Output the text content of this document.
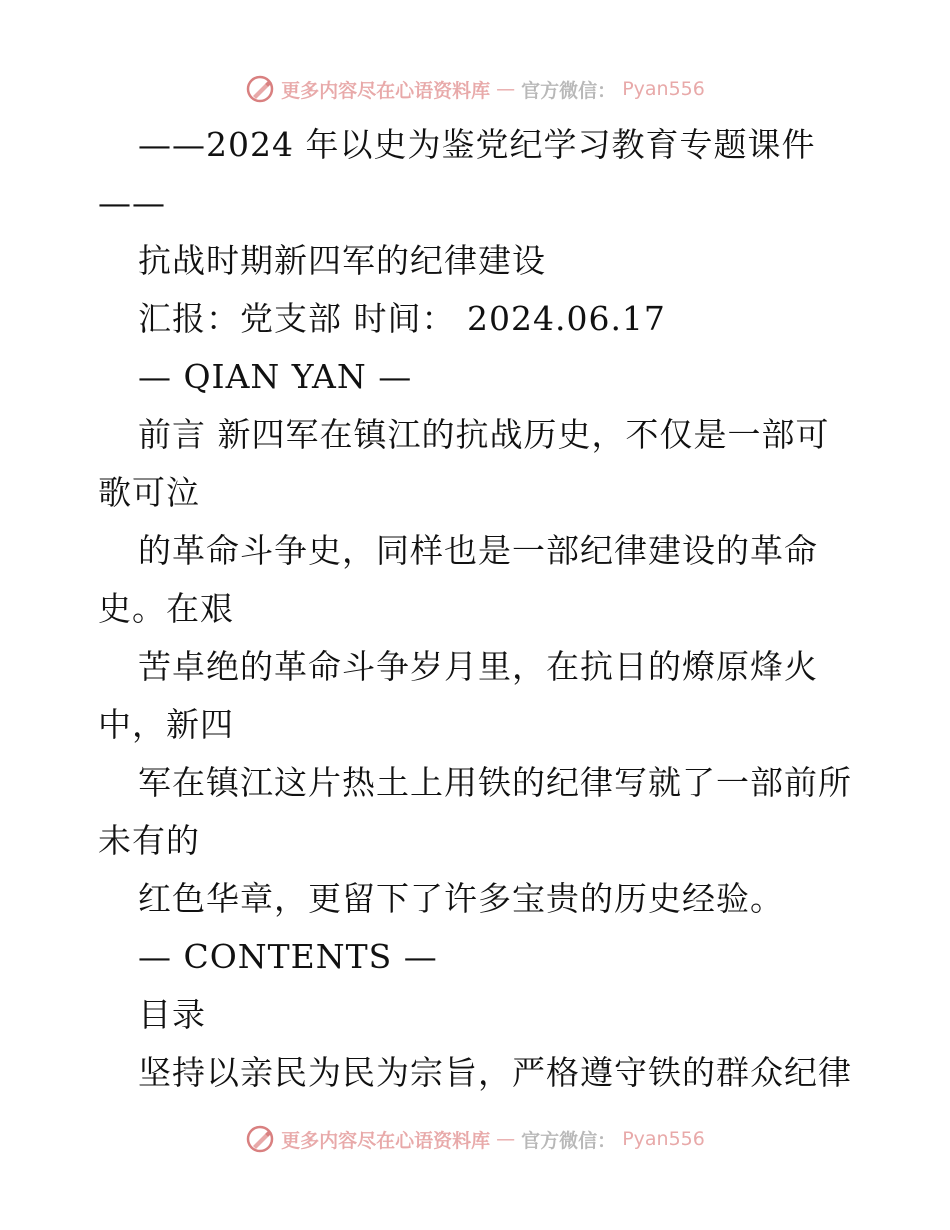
更多内容尽在心语资料库 — 官方微信： Pyan556
——2024 年以史为鉴党纪学习教育专题课件
——
抗战时期新四军的纪律建设
汇报：党支部 时间： 2024.06.17
— QIAN YAN —
前言 新四军在镇江的抗战历史，不仅是一部可
歌可泣
的革命斗争史，同样也是一部纪律建设的革命
史。在艰
苦卓绝的革命斗争岁月里，在抗日的燎原烽火
中，新四
军在镇江这片热土上用铁的纪律写就了一部前所
未有的
红色华章，更留下了许多宝贵的历史经验。
— CONTENTS —
目录
坚持以亲民为民为宗旨，严格遵守铁的群众纪律
更多内容尽在心语资料库 — 官方微信： Pyan556
